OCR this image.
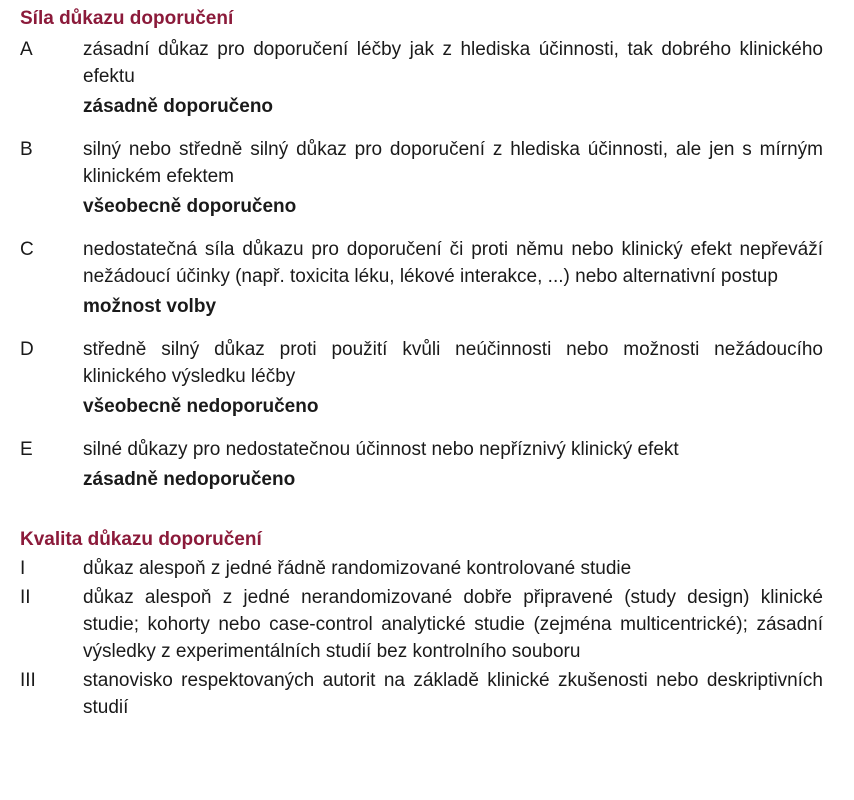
Síla důkazu doporučení
A	zásadní důkaz pro doporučení léčby jak z hlediska účinnosti, tak dobrého klinického efektu

zásadně doporučeno

B	silný nebo středně silný důkaz pro doporučení z hlediska účinnosti, ale jen s mírným klinickém efektem

všeobecně doporučeno

C	nedostatečná síla důkazu pro doporučení či proti němu nebo klinický efekt nepřeváží nežádoucí účinky (např. toxicita léku, lékové interakce, ...) nebo alternativní postup

možnost volby

D	středně silný důkaz proti použití kvůli neúčinnosti nebo možnosti nežádoucího klinického výsledku léčby

všeobecně nedoporučeno

E	silné důkazy pro nedostatečnou účinnost nebo nepříznivý klinický efekt

zásadně nedoporučeno

Kvalita důkazu doporučení
I	důkaz alespoň z jedné řádně randomizované kontrolované studie
II	důkaz alespoň z jedné nerandomizované dobře připravené (study design) klinické studie; kohorty nebo case-control analytické studie (zejména multicentrické); zásadní výsledky z experimentálních studií bez kontrolního souboru
III	stanovisko respektovaných autorit na základě klinické zkušenosti nebo deskriptivních studií
